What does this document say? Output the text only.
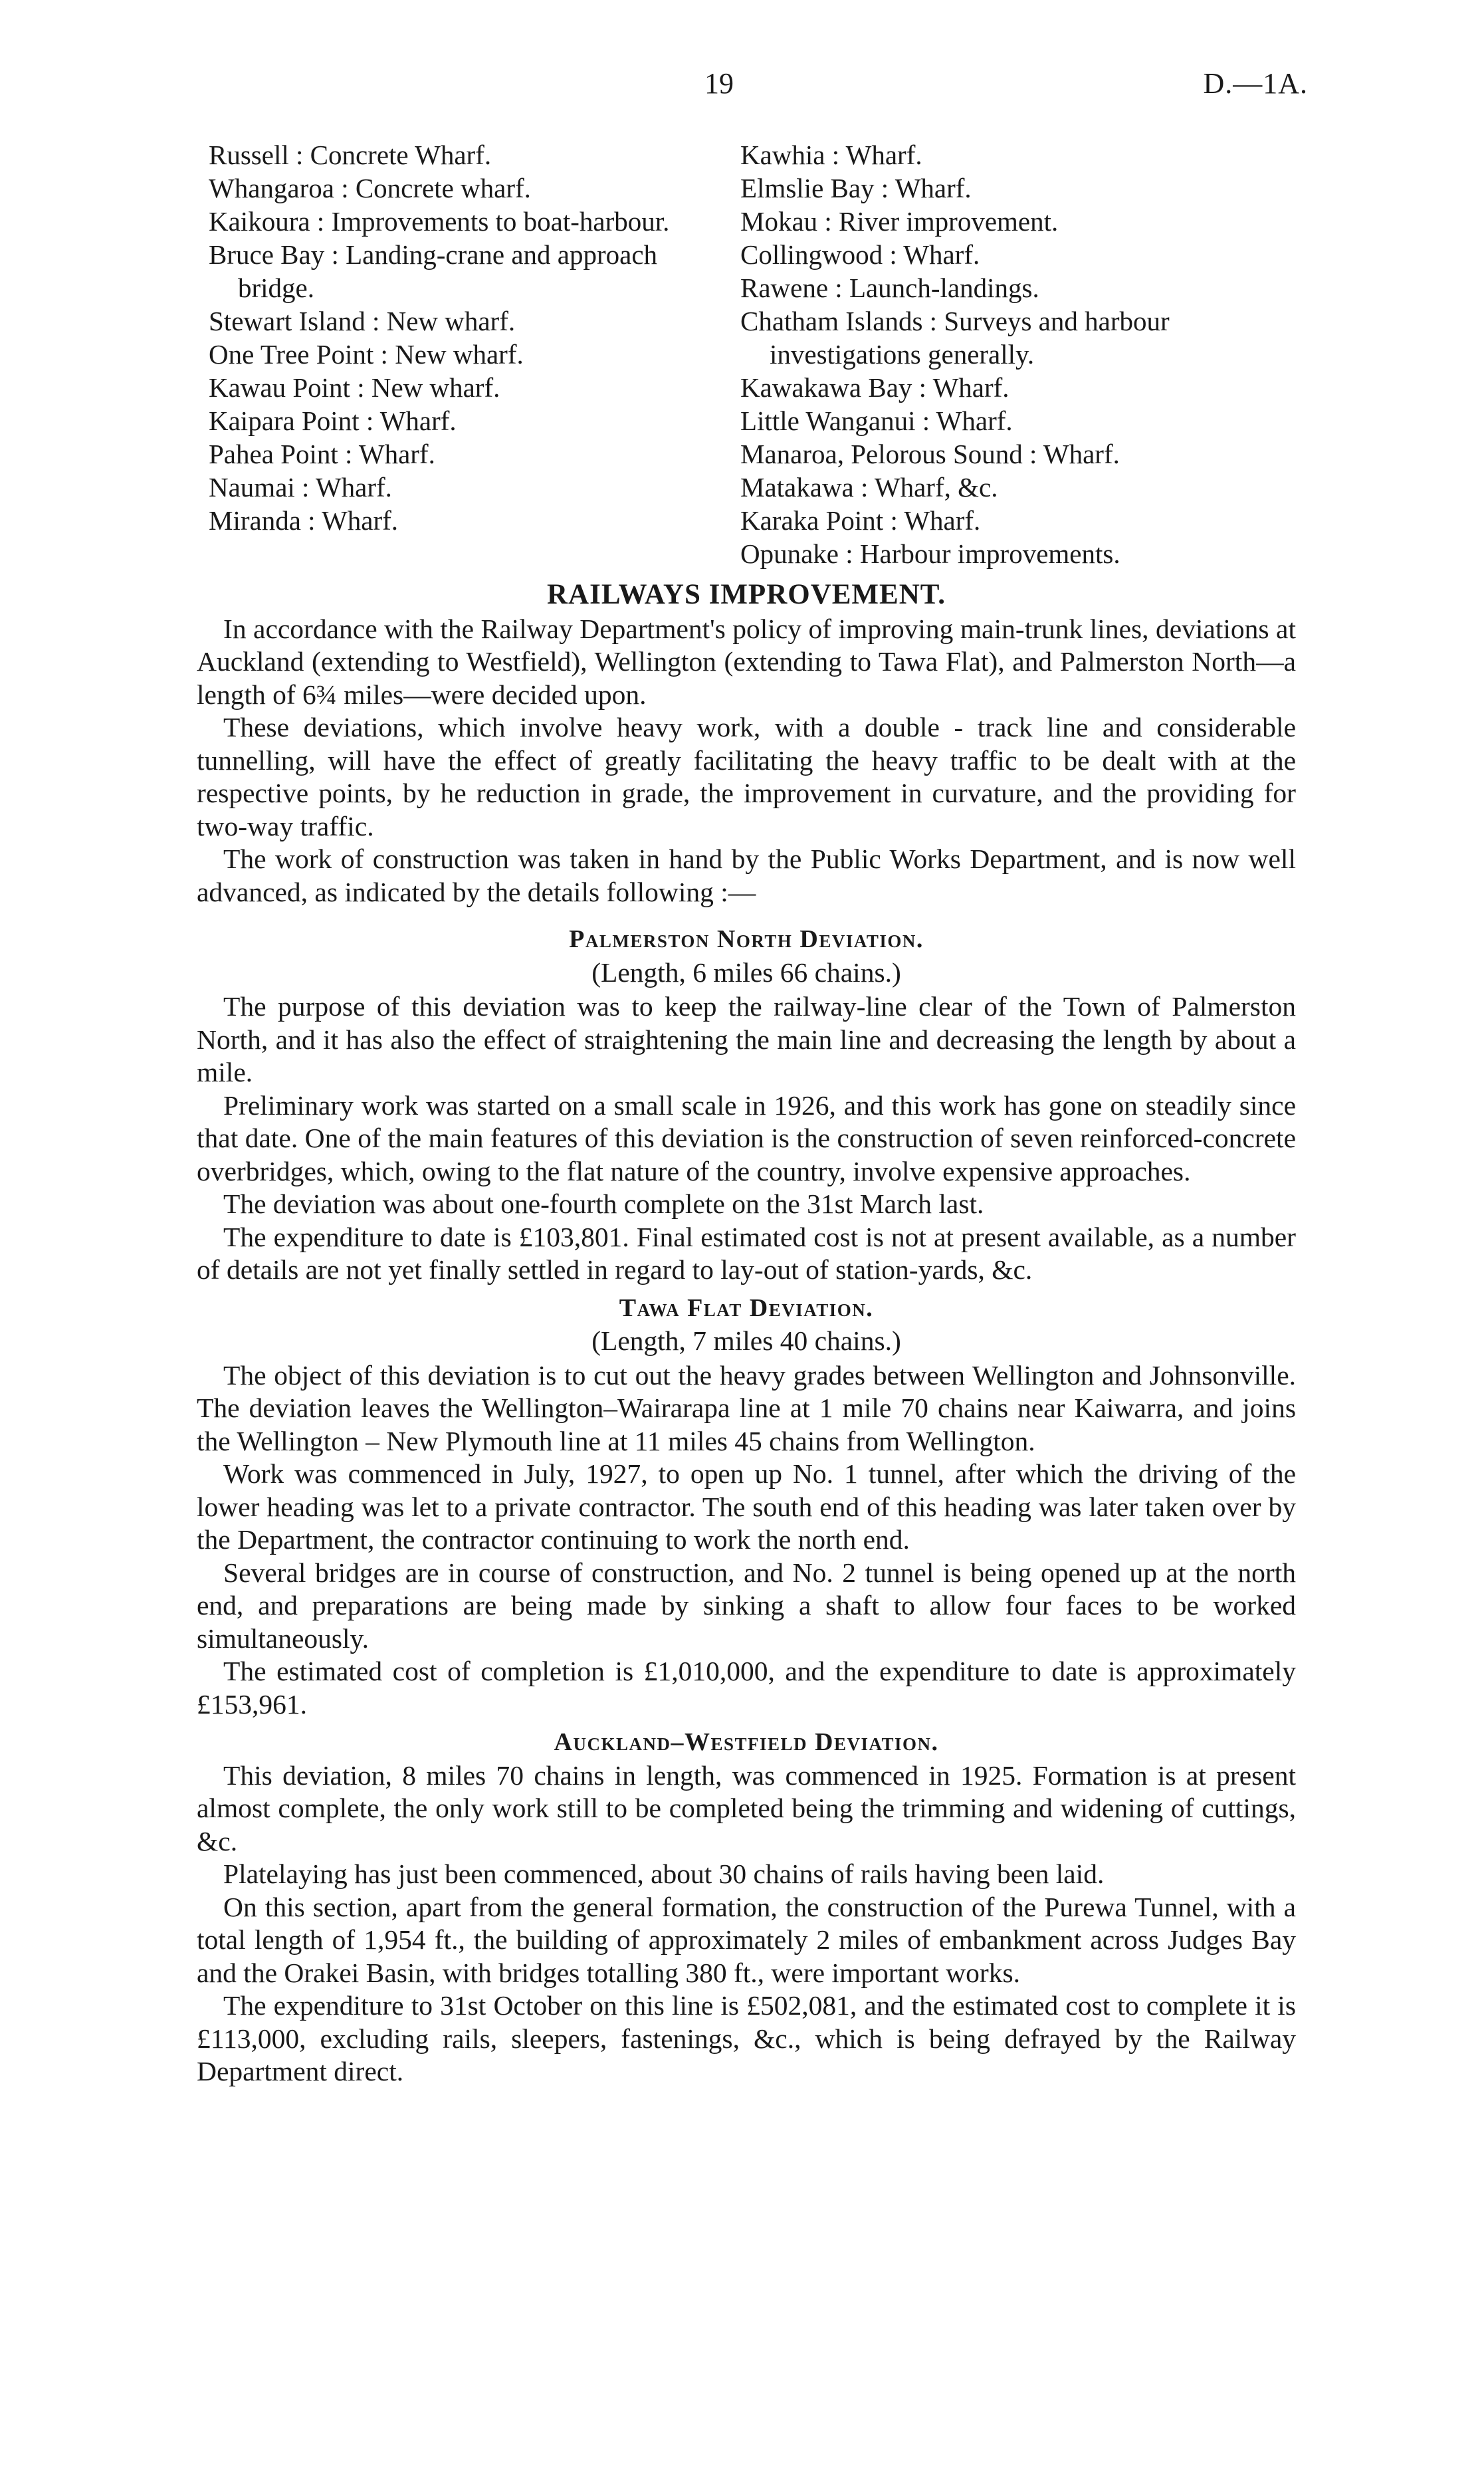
19	D.—1A.

Russell : Concrete Wharf.

Whangaroa : Concrete wharf.

Kaikoura : Improvements to boat-harbour.

Bruce Bay : Landing-crane and approach bridge.

Stewart Island : New wharf.

One Tree Point : New wharf.

Kawau Point : New wharf.

Kaipara Point : Wharf.

Pahea Point : Wharf.

Naumai : Wharf.

Miranda : Wharf.

Kawhia : Wharf.

Elmslie Bay : Wharf.

Mokau : River improvement.

Collingwood : Wharf.

Rawene : Launch-landings.

Chatham Islands : Surveys and harbour investigations generally.

Kawakawa Bay : Wharf.

Little Wanganui : Wharf.

Manaroa, Pelorous Sound : Wharf.

Matakawa : Wharf, &c.

Karaka Point : Wharf.

Opunake : Harbour improvements.

RAILWAYS IMPROVEMENT.

In accordance with the Railway Department's policy of improving main-trunk lines, deviations at Auckland (extending to Westfield), Wellington (extending to Tawa Flat), and Palmerston North—a length of 6¾ miles—were decided upon.

These deviations, which involve heavy work, with a double - track line and considerable tunnelling, will have the effect of greatly facilitating the heavy traffic to be dealt with at the respective points, by he reduction in grade, the improvement in curvature, and the providing for two-way traffic.

The work of construction was taken in hand by the Public Works Department, and is now well advanced, as indicated by the details following :—

Palmerston North Deviation.

(Length, 6 miles 66 chains.)

The purpose of this deviation was to keep the railway-line clear of the Town of Palmerston North, and it has also the effect of straightening the main line and decreasing the length by about a mile.

Preliminary work was started on a small scale in 1926, and this work has gone on steadily since that date. One of the main features of this deviation is the construction of seven reinforced-concrete overbridges, which, owing to the flat nature of the country, involve expensive approaches.

The deviation was about one-fourth complete on the 31st March last.

The expenditure to date is £103,801. Final estimated cost is not at present available, as a number of details are not yet finally settled in regard to lay-out of station-yards, &c.

Tawa Flat Deviation.

(Length, 7 miles 40 chains.)

The object of this deviation is to cut out the heavy grades between Wellington and Johnsonville. The deviation leaves the Wellington–Wairarapa line at 1 mile 70 chains near Kaiwarra, and joins the Wellington – New Plymouth line at 11 miles 45 chains from Wellington.

Work was commenced in July, 1927, to open up No. 1 tunnel, after which the driving of the lower heading was let to a private contractor. The south end of this heading was later taken over by the Department, the contractor continuing to work the north end.

Several bridges are in course of construction, and No. 2 tunnel is being opened up at the north end, and preparations are being made by sinking a shaft to allow four faces to be worked simultaneously.

The estimated cost of completion is £1,010,000, and the expenditure to date is approximately £153,961.

Auckland–Westfield Deviation.

This deviation, 8 miles 70 chains in length, was commenced in 1925. Formation is at present almost complete, the only work still to be completed being the trimming and widening of cuttings, &c.

Platelaying has just been commenced, about 30 chains of rails having been laid.

On this section, apart from the general formation, the construction of the Purewa Tunnel, with a total length of 1,954 ft., the building of approximately 2 miles of embankment across Judges Bay and the Orakei Basin, with bridges totalling 380 ft., were important works.

The expenditure to 31st October on this line is £502,081, and the estimated cost to complete it is £113,000, excluding rails, sleepers, fastenings, &c., which is being defrayed by the Railway Department direct.
